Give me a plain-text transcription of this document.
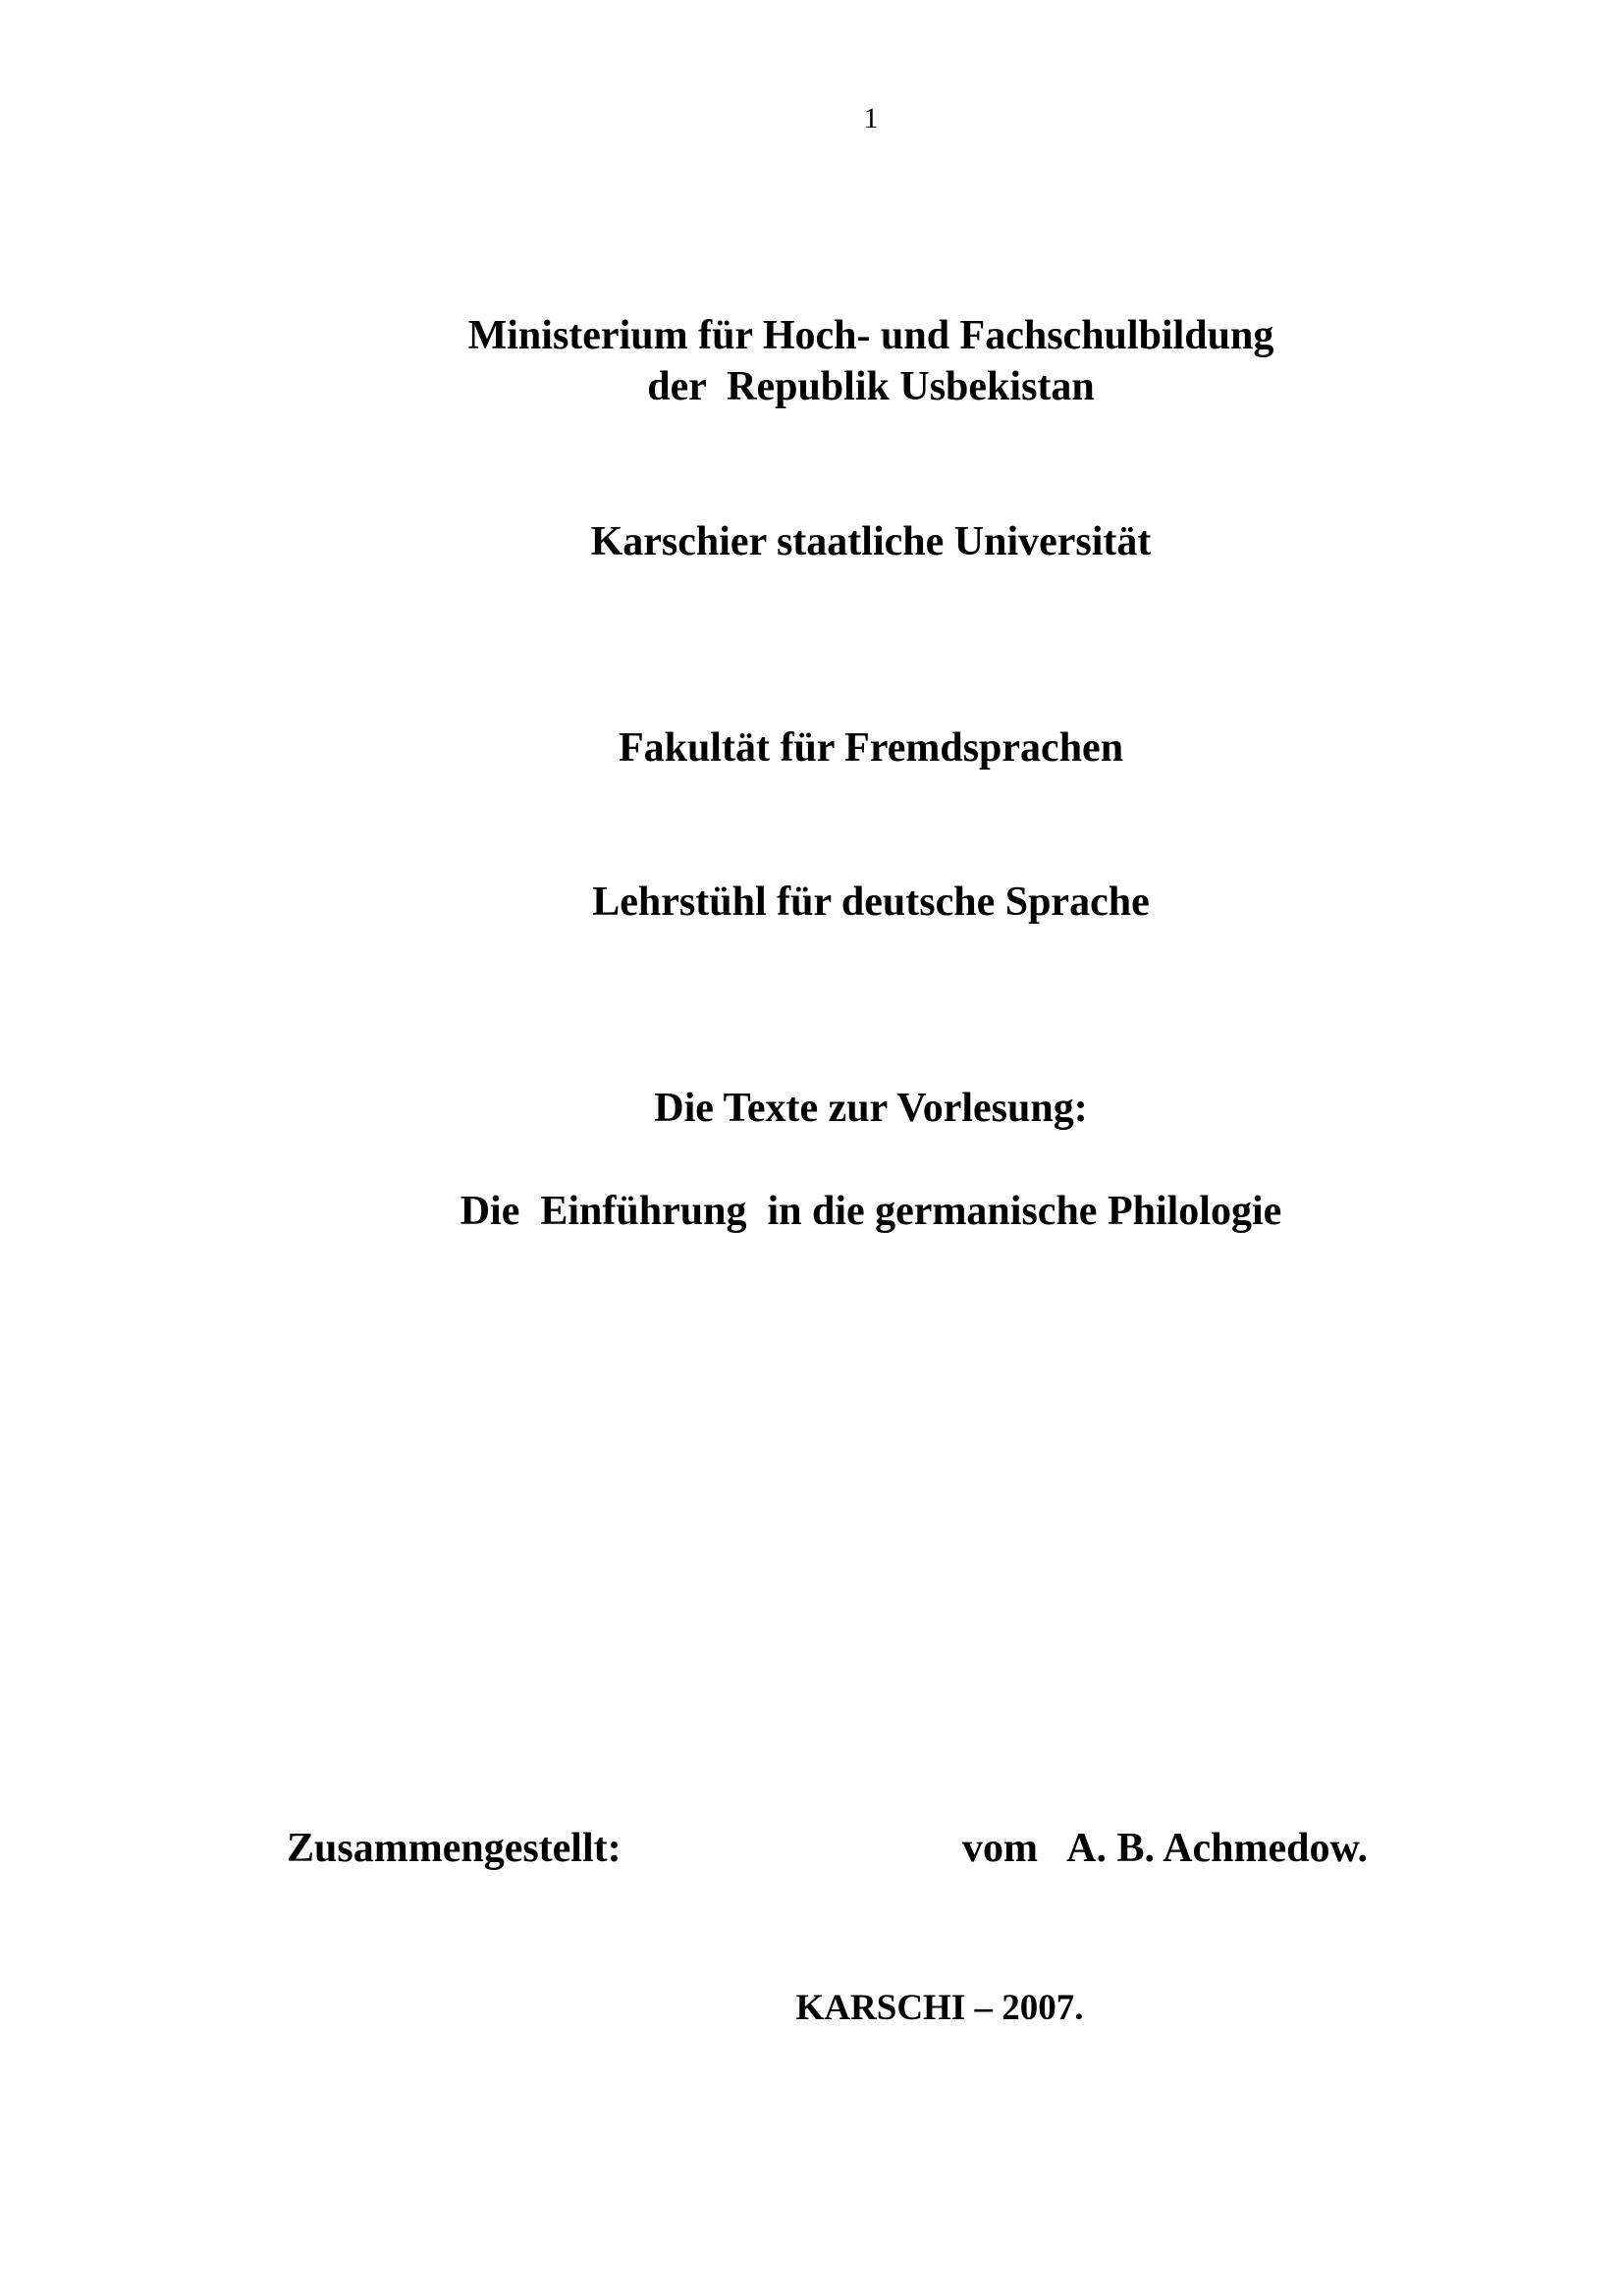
1
Ministerium für Hoch- und Fachschulbildung
der  Republik Usbekistan
Karschier staatliche Universität
Fakultät für Fremdsprachen
Lehrstühl für deutsche Sprache
Die Texte zur Vorlesung:
Die  Einführung  in die germanische Philologie
Zusammengestellt:	vom   A. B. Achmedow.
KARSCHI – 2007.
